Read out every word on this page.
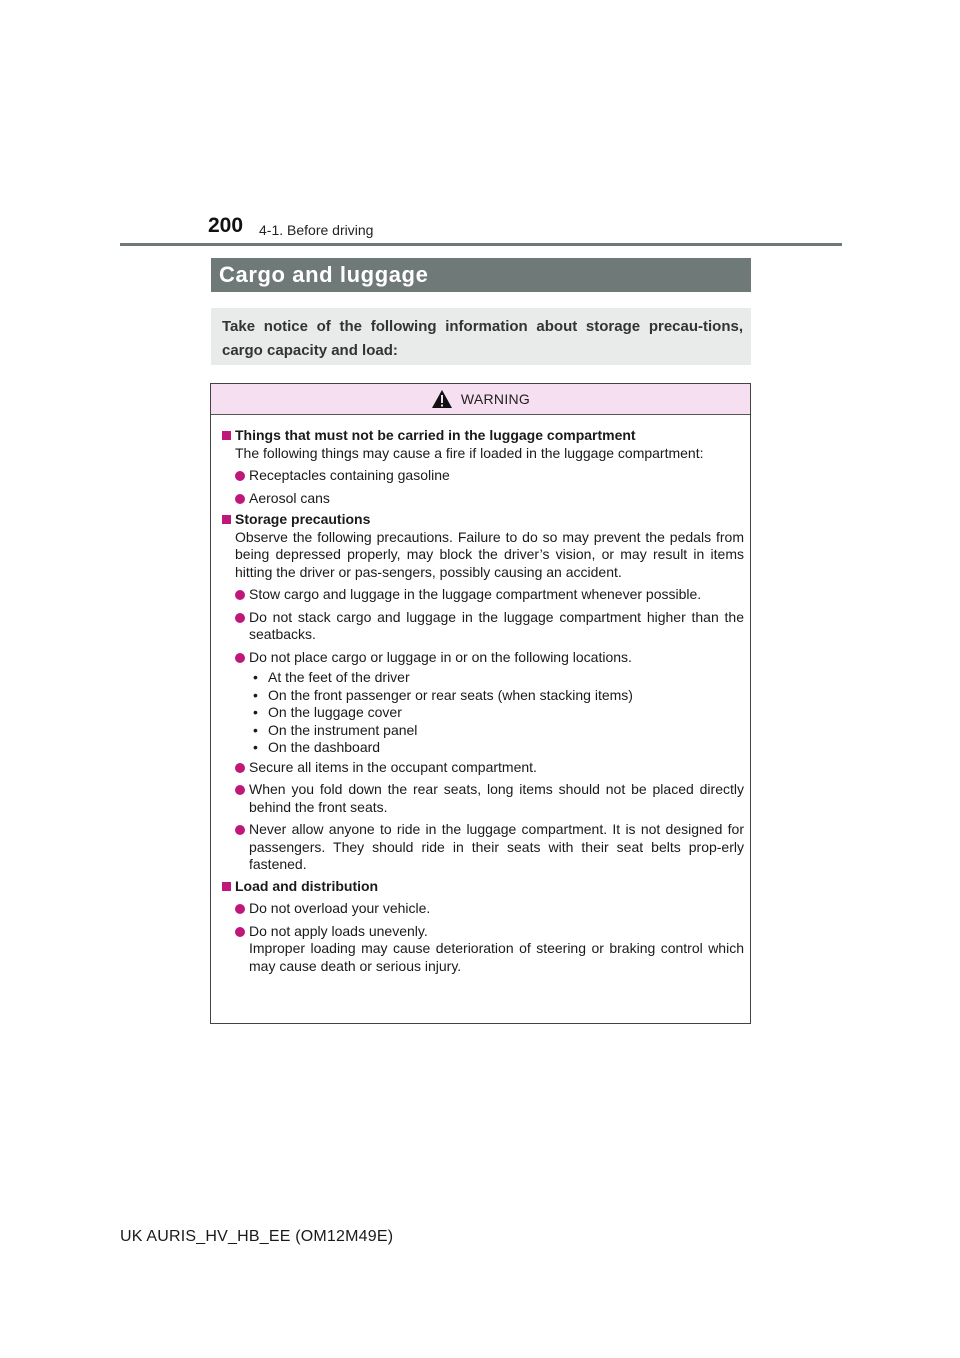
200 4-1. Before driving
Cargo and luggage

Take notice of the following information about storage precau-tions, cargo capacity and load:

WARNING
Things that must not be carried in the luggage compartment
The following things may cause a fire if loaded in the luggage compartment:
Receptacles containing gasoline
Aerosol cans
Storage precautions
Observe the following precautions. Failure to do so may prevent the pedals from being depressed properly, may block the driver’s vision, or may result in items hitting the driver or pas-sengers, possibly causing an accident.
Stow cargo and luggage in the luggage compartment whenever possible.
Do not stack cargo and luggage in the luggage compartment higher than the seatbacks.
Do not place cargo or luggage in or on the following locations.
• At the feet of the driver
• On the front passenger or rear seats (when stacking items)
• On the luggage cover
• On the instrument panel
• On the dashboard
Secure all items in the occupant compartment.
When you fold down the rear seats, long items should not be placed directly behind the front seats.
Never allow anyone to ride in the luggage compartment. It is not designed for passengers. They should ride in their seats with their seat belts prop-erly fastened.
Load and distribution
Do not overload your vehicle.
Do not apply loads unevenly.
Improper loading may cause deterioration of steering or braking control which may cause death or serious injury.
UK AURIS_HV_HB_EE (OM12M49E)
